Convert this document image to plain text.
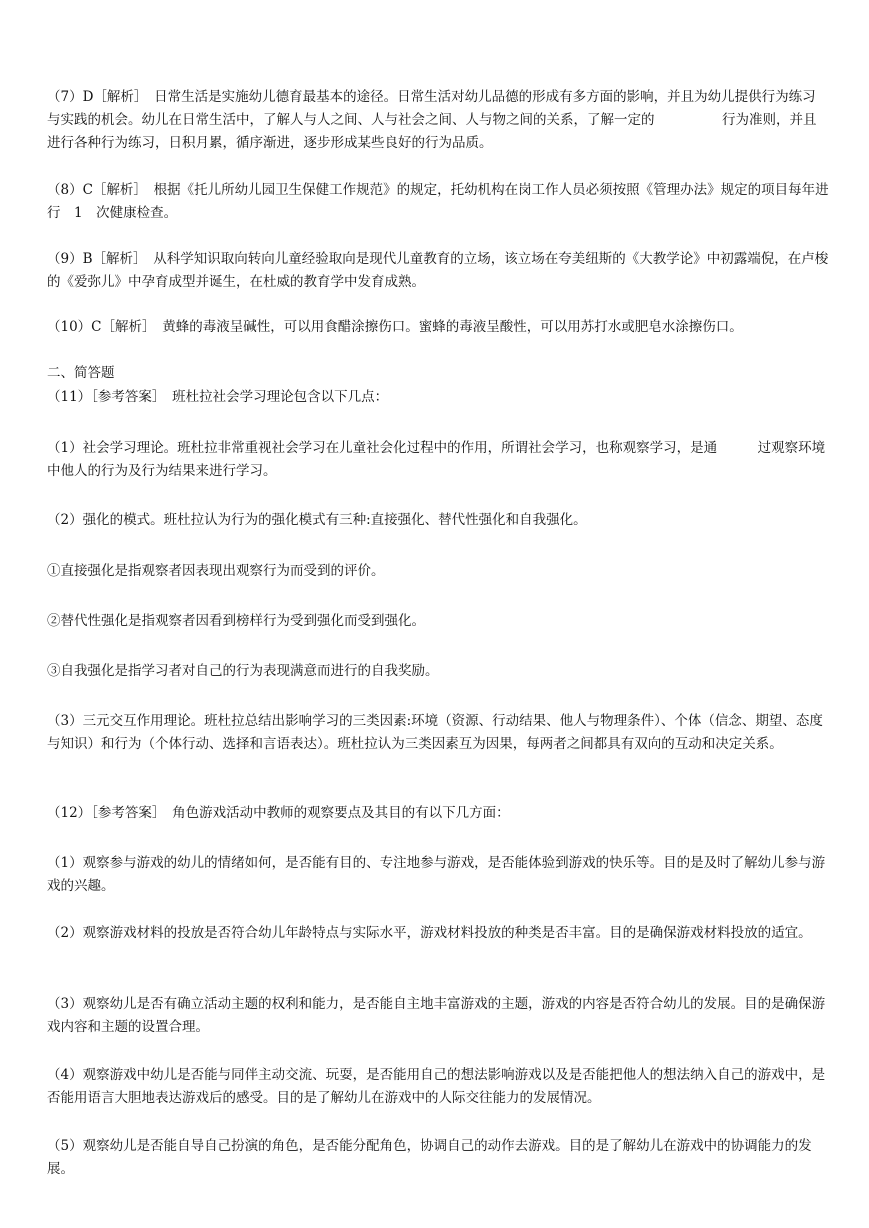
（7）D［解析］　日常生活是实施幼儿德育最基本的途径。日常生活对幼儿品德的形成有多方面的影响，并且为幼儿提供行为练习与实践的机会。幼儿在日常生活中，了解人与人之间、人与社会之间、人与物之间的关系，了解一定的　　　　　行为准则，并且进行各种行为练习，日积月累，循序渐进，逐步形成某些良好的行为品质。

（8）C［解析］　根据《托儿所幼儿园卫生保健工作规范》的规定，托幼机构在岗工作人员必须按照《管理办法》规定的项目每年进行　1　次健康检查。

（9）B［解析］　从科学知识取向转向儿童经验取向是现代儿童教育的立场，该立场在夸美纽斯的《大教学论》中初露端倪，在卢梭的《爱弥儿》中孕育成型并诞生，在杜威的教育学中发育成熟。

（10）C［解析］　黄蜂的毒液呈碱性，可以用食醋涂擦伤口。蜜蜂的毒液呈酸性，可以用苏打水或肥皂水涂擦伤口。

二、简答题

（11）［参考答案］　班杜拉社会学习理论包含以下几点：

（1）社会学习理论。班杜拉非常重视社会学习在儿童社会化过程中的作用，所谓社会学习，也称观察学习，是通　　　过观察环境中他人的行为及行为结果来进行学习。

（2）强化的模式。班杜拉认为行为的强化模式有三种:直接强化、替代性强化和自我强化。

①直接强化是指观察者因表现出观察行为而受到的评价。

②替代性强化是指观察者因看到榜样行为受到强化而受到强化。

③自我强化是指学习者对自己的行为表现满意而进行的自我奖励。

（3）三元交互作用理论。班杜拉总结出影响学习的三类因素:环境（资源、行动结果、他人与物理条件）、个体（信念、期望、态度与知识）和行为（个体行动、选择和言语表达）。班杜拉认为三类因素互为因果，每两者之间都具有双向的互动和决定关系。

（12）［参考答案］　角色游戏活动中教师的观察要点及其目的有以下几方面：

（1）观察参与游戏的幼儿的情绪如何，是否能有目的、专注地参与游戏，是否能体验到游戏的快乐等。目的是及时了解幼儿参与游戏的兴趣。

（2）观察游戏材料的投放是否符合幼儿年龄特点与实际水平，游戏材料投放的种类是否丰富。目的是确保游戏材料投放的适宜。

（3）观察幼儿是否有确立活动主题的权利和能力，是否能自主地丰富游戏的主题，游戏的内容是否符合幼儿的发展。目的是确保游戏内容和主题的设置合理。

（4）观察游戏中幼儿是否能与同伴主动交流、玩耍，是否能用自己的想法影响游戏以及是否能把他人的想法纳入自己的游戏中，是否能用语言大胆地表达游戏后的感受。目的是了解幼儿在游戏中的人际交往能力的发展情况。

（5）观察幼儿是否能自导自己扮演的角色，是否能分配角色，协调自己的动作去游戏。目的是了解幼儿在游戏中的协调能力的发展。
